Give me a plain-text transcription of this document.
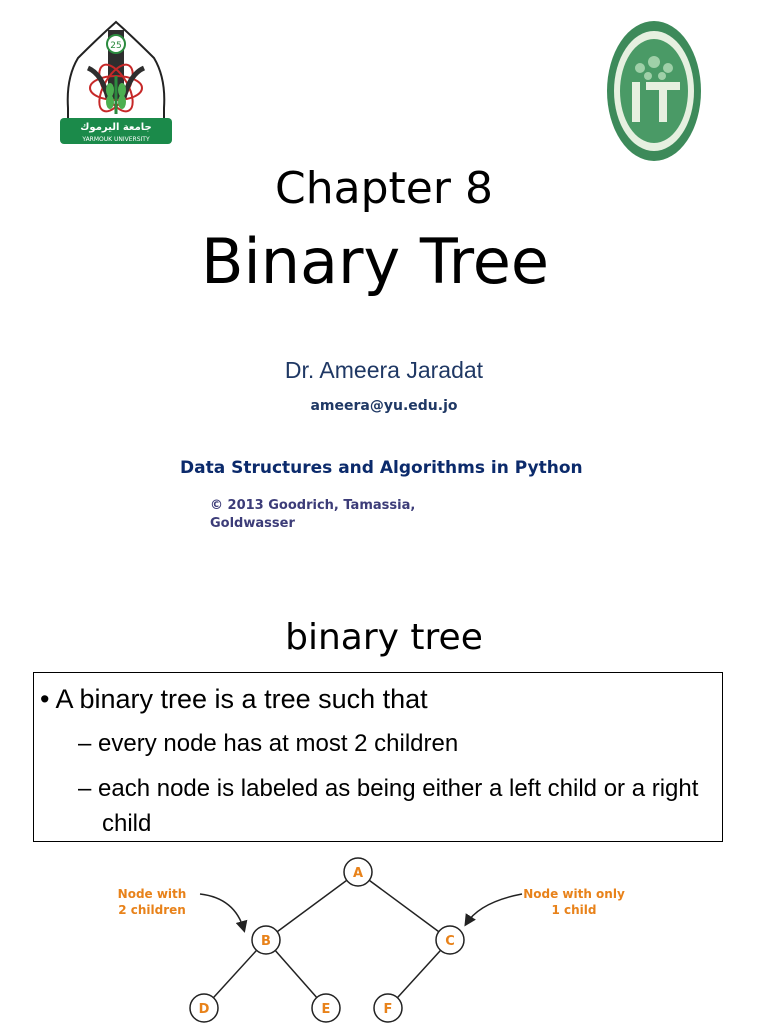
25
جامعة اليرموك
YARMOUK UNIVERSITY
Chapter 8
Binary Tree
Dr. Ameera Jaradat
ameera@yu.edu.jo
Data Structures and Algorithms in Python
© 2013 Goodrich, Tamassia, Goldwasser
binary tree
• A binary tree is a tree such that
– every node has at most 2 children
– each node is labeled as being either a left child or a right child
A
B	C
D	E	F
Node with
2 children
Node with only
1 child
